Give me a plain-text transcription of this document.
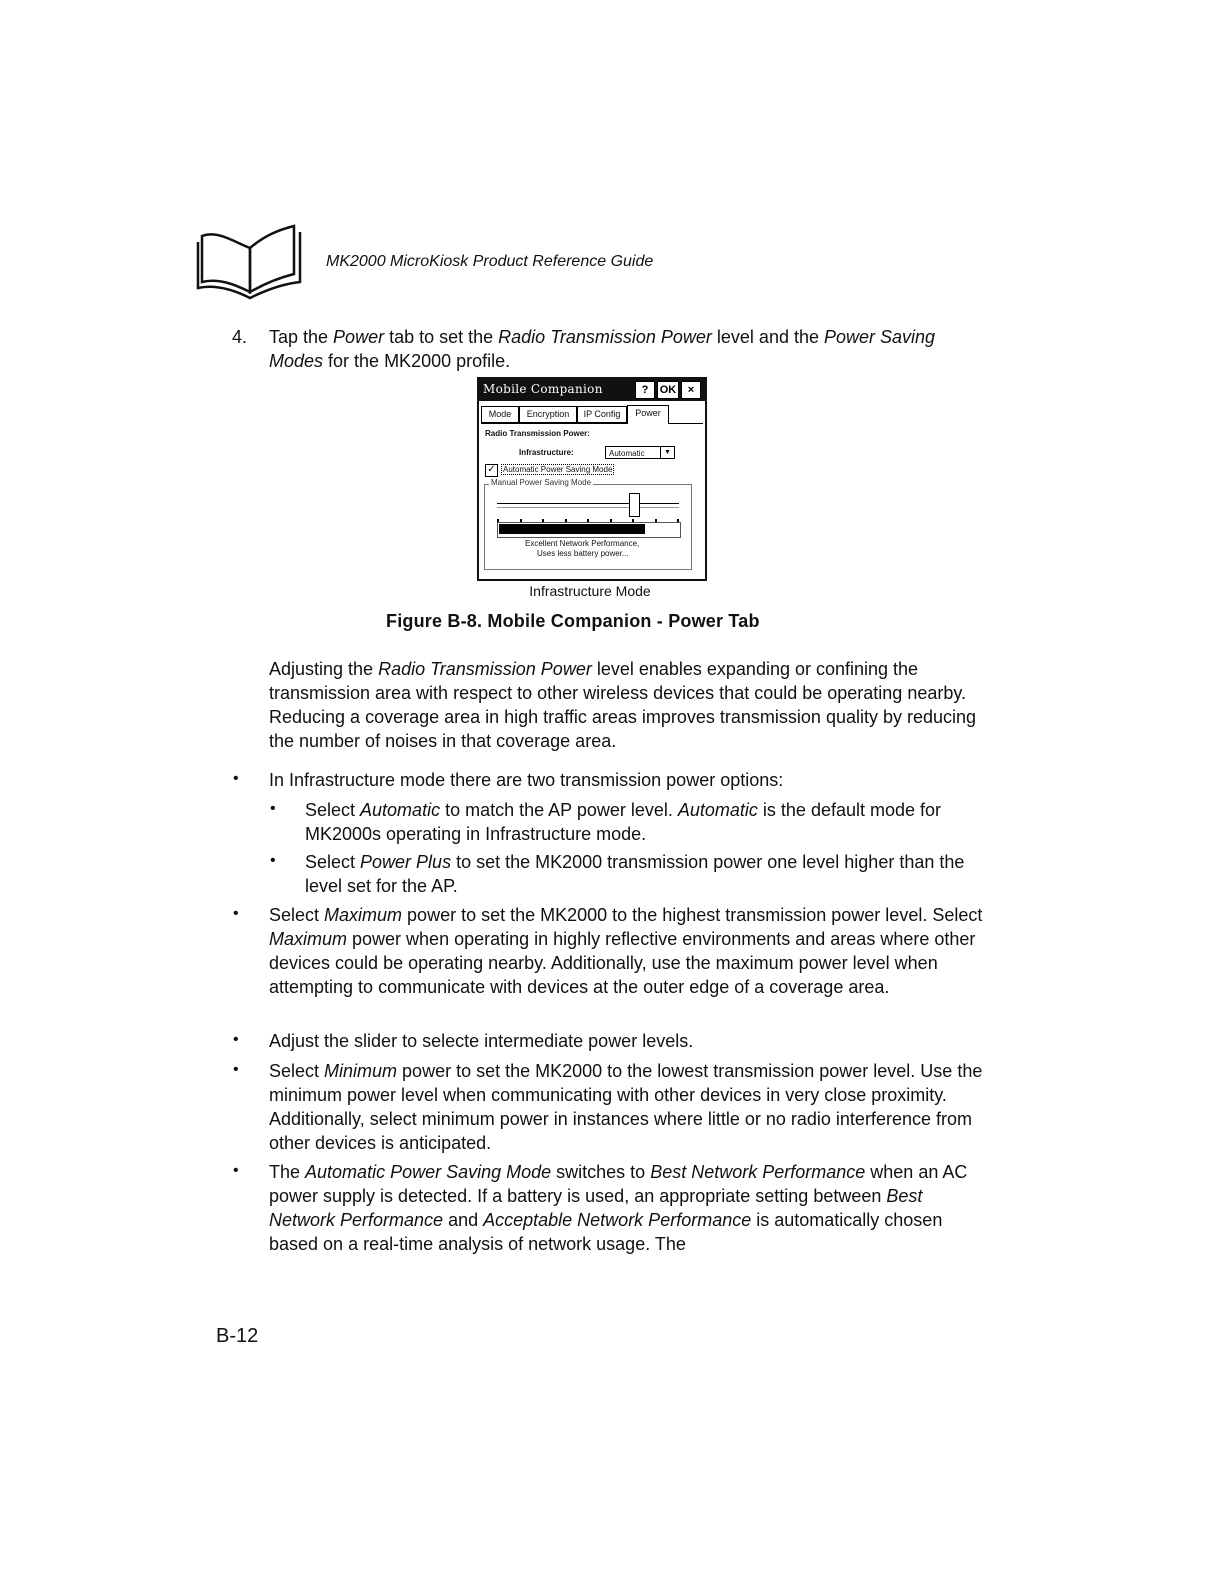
MK2000 MicroKiosk Product Reference Guide
4. Tap the Power tab to set the Radio Transmission Power level and the Power Saving Modes for the MK2000 profile.
Mobile Companion	?	OK	×
Mode	Encryption	IP Config	Power
Radio Transmission Power:
Infrastructure:	Automatic	▼
✓ Automatic Power Saving Mode
Manual Power Saving Mode
Excellent Network Performance,
Uses less battery power...
Infrastructure Mode
Figure B-8. Mobile Companion - Power Tab
Adjusting the Radio Transmission Power level enables expanding or confining the transmission area with respect to other wireless devices that could be operating nearby. Reducing a coverage area in high traffic areas improves transmission quality by reducing the number of noises in that coverage area.
• In Infrastructure mode there are two transmission power options:
• Select Automatic to match the AP power level. Automatic is the default mode for MK2000s operating in Infrastructure mode.
• Select Power Plus to set the MK2000 transmission power one level higher than the level set for the AP.
• Select Maximum power to set the MK2000 to the highest transmission power level. Select Maximum power when operating in highly reflective environments and areas where other devices could be operating nearby. Additionally, use the maximum power level when attempting to communicate with devices at the outer edge of a coverage area.
• Adjust the slider to selecte intermediate power levels.
• Select Minimum power to set the MK2000 to the lowest transmission power level. Use the minimum power level when communicating with other devices in very close proximity. Additionally, select minimum power in instances where little or no radio interference from other devices is anticipated.
• The Automatic Power Saving Mode switches to Best Network Performance when an AC power supply is detected. If a battery is used, an appropriate setting between Best Network Performance and Acceptable Network Performance is automatically chosen based on a real-time analysis of network usage. The
B-12
